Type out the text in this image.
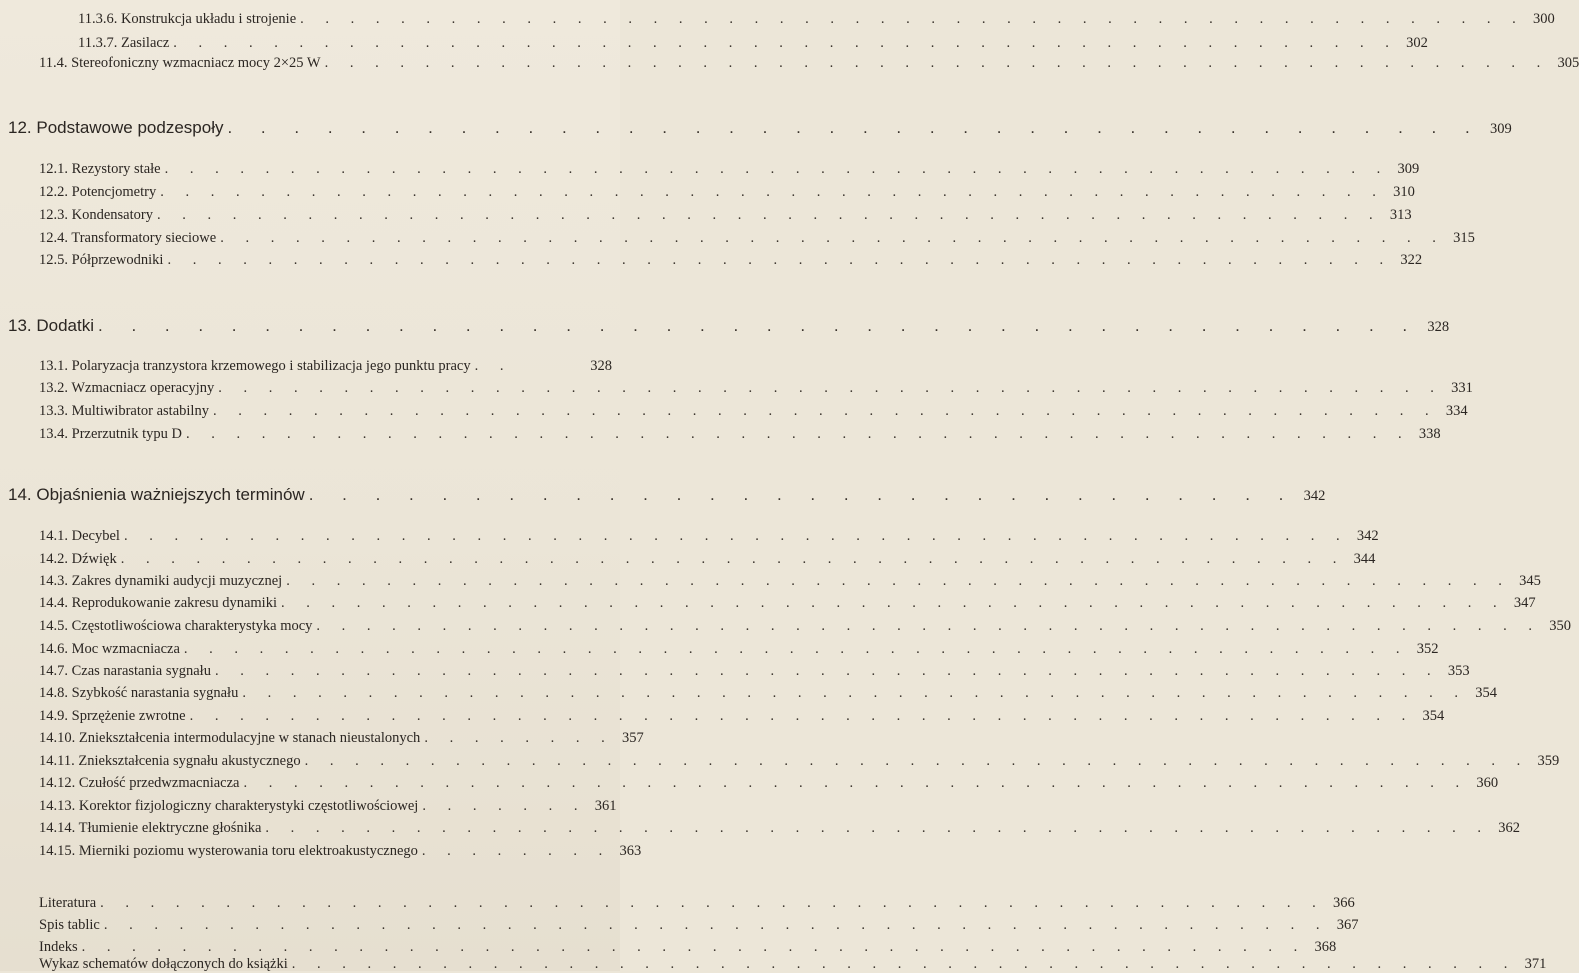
11.3.6. Konstrukcja układu i strojenie . . . . . . . . . . . . . . . . . . . . . . . . . . . . . . . . . . . . . . . . . . . . . . . . . 300
11.3.7. Zasilacz . . . . . . . . . . . . . . . . . . . . . . . . . . . . . . . . . . . . . . . . . . . . . . . . . 302
11.4. Stereofoniczny wzmacniacz mocy 2×25 W . . . . . . . . . . . . . . . . . . . . . . . . . . . . . . . . . . . . . . . . . . . . . . . . . 305
12. Podstawowe podzespoły . . . . . . . . . . . . . . . . . . . . . . . . . . . . . . . . . . . . . . 309
12.1. Rezystory stałe . . . . . . . . . . . . . . . . . . . . . . . . . . . . . . . . . . . . . . . . . . . . . . . . . 309
12.2. Potencjometry . . . . . . . . . . . . . . . . . . . . . . . . . . . . . . . . . . . . . . . . . . . . . . . . . 310
12.3. Kondensatory . . . . . . . . . . . . . . . . . . . . . . . . . . . . . . . . . . . . . . . . . . . . . . . . . 313
12.4. Transformatory sieciowe . . . . . . . . . . . . . . . . . . . . . . . . . . . . . . . . . . . . . . . . . . . . . . . . . 315
12.5. Półprzewodniki . . . . . . . . . . . . . . . . . . . . . . . . . . . . . . . . . . . . . . . . . . . . . . . . . 322
13. Dodatki . . . . . . . . . . . . . . . . . . . . . . . . . . . . . . . . . . . . . . . . 328
13.1. Polaryzacja tranzystora krzemowego i stabilizacja jego punktu pracy . .	328
13.2. Wzmacniacz operacyjny . . . . . . . . . . . . . . . . . . . . . . . . . . . . . . . . . . . . . . . . . . . . . . . . . 331
13.3. Multiwibrator astabilny . . . . . . . . . . . . . . . . . . . . . . . . . . . . . . . . . . . . . . . . . . . . . . . . . 334
13.4. Przerzutnik typu D . . . . . . . . . . . . . . . . . . . . . . . . . . . . . . . . . . . . . . . . . . . . . . . . . 338
14. Objaśnienia ważniejszych terminów . . . . . . . . . . . . . . . . . . . . . . . . . . . . . . 342
14.1. Decybel . . . . . . . . . . . . . . . . . . . . . . . . . . . . . . . . . . . . . . . . . . . . . . . . . 342
14.2. Dźwięk . . . . . . . . . . . . . . . . . . . . . . . . . . . . . . . . . . . . . . . . . . . . . . . . . 344
14.3. Zakres dynamiki audycji muzycznej . . . . . . . . . . . . . . . . . . . . . . . . . . . . . . . . . . . . . . . . . . . . . . . . . 345
14.4. Reprodukowanie zakresu dynamiki . . . . . . . . . . . . . . . . . . . . . . . . . . . . . . . . . . . . . . . . . . . . . . . . . 347
14.5. Częstotliwościowa charakterystyka mocy . . . . . . . . . . . . . . . . . . . . . . . . . . . . . . . . . . . . . . . . . . . . . . . . . 350
14.6. Moc wzmacniacza . . . . . . . . . . . . . . . . . . . . . . . . . . . . . . . . . . . . . . . . . . . . . . . . . 352
14.7. Czas narastania sygnału . . . . . . . . . . . . . . . . . . . . . . . . . . . . . . . . . . . . . . . . . . . . . . . . . 353
14.8. Szybkość narastania sygnału . . . . . . . . . . . . . . . . . . . . . . . . . . . . . . . . . . . . . . . . . . . . . . . . . 354
14.9. Sprzężenie zwrotne . . . . . . . . . . . . . . . . . . . . . . . . . . . . . . . . . . . . . . . . . . . . . . . . . 354
14.10. Zniekształcenia intermodulacyjne w stanach nieustalonych . . . . . . . . 357
14.11. Zniekształcenia sygnału akustycznego . . . . . . . . . . . . . . . . . . . . . . . . . . . . . . . . . . . . . . . . . . . . . . . . . 359
14.12. Czułość przedwzmacniacza . . . . . . . . . . . . . . . . . . . . . . . . . . . . . . . . . . . . . . . . . . . . . . . . . 360
14.13. Korektor fizjologiczny charakterystyki częstotliwościowej . . . . . . . 361
14.14. Tłumienie elektryczne głośnika . . . . . . . . . . . . . . . . . . . . . . . . . . . . . . . . . . . . . . . . . . . . . . . . . 362
14.15. Mierniki poziomu wysterowania toru elektroakustycznego . . . . . . . . 363
Literatura . . . . . . . . . . . . . . . . . . . . . . . . . . . . . . . . . . . . . . . . . . . . . . . . . 366
Spis tablic . . . . . . . . . . . . . . . . . . . . . . . . . . . . . . . . . . . . . . . . . . . . . . . . . 367
Indeks . . . . . . . . . . . . . . . . . . . . . . . . . . . . . . . . . . . . . . . . . . . . . . . . . 368
Wykaz schematów dołączonych do książki . . . . . . . . . . . . . . . . . . . . . . . . . . . . . . . . . . . . . . . . . . . . . . . . . 371
